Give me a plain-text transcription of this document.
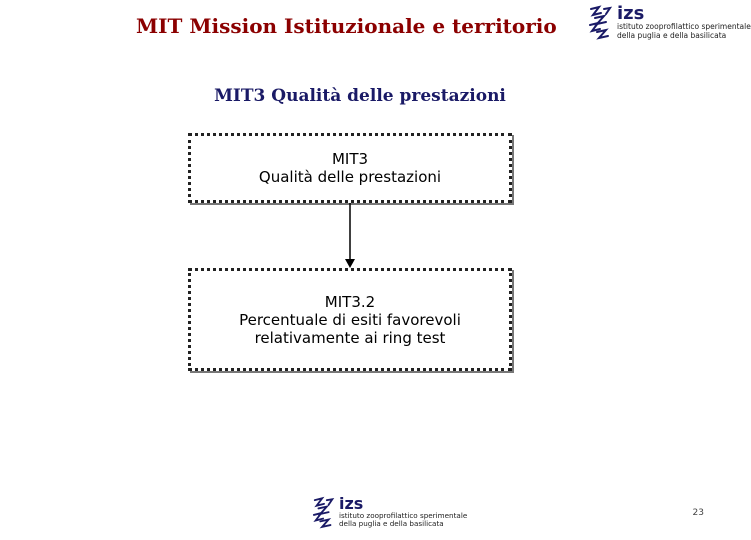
MIT Mission Istituzionale e territorio
izs
istituto zooprofilattico sperimentale
della puglia e della basilicata
MIT3 Qualità delle prestazioni
MIT3
Qualità delle prestazioni
MIT3.2
Percentuale di esiti favorevoli
relativamente ai ring test
izs
istituto zooprofilattico sperimentale
della puglia e della basilicata
23
